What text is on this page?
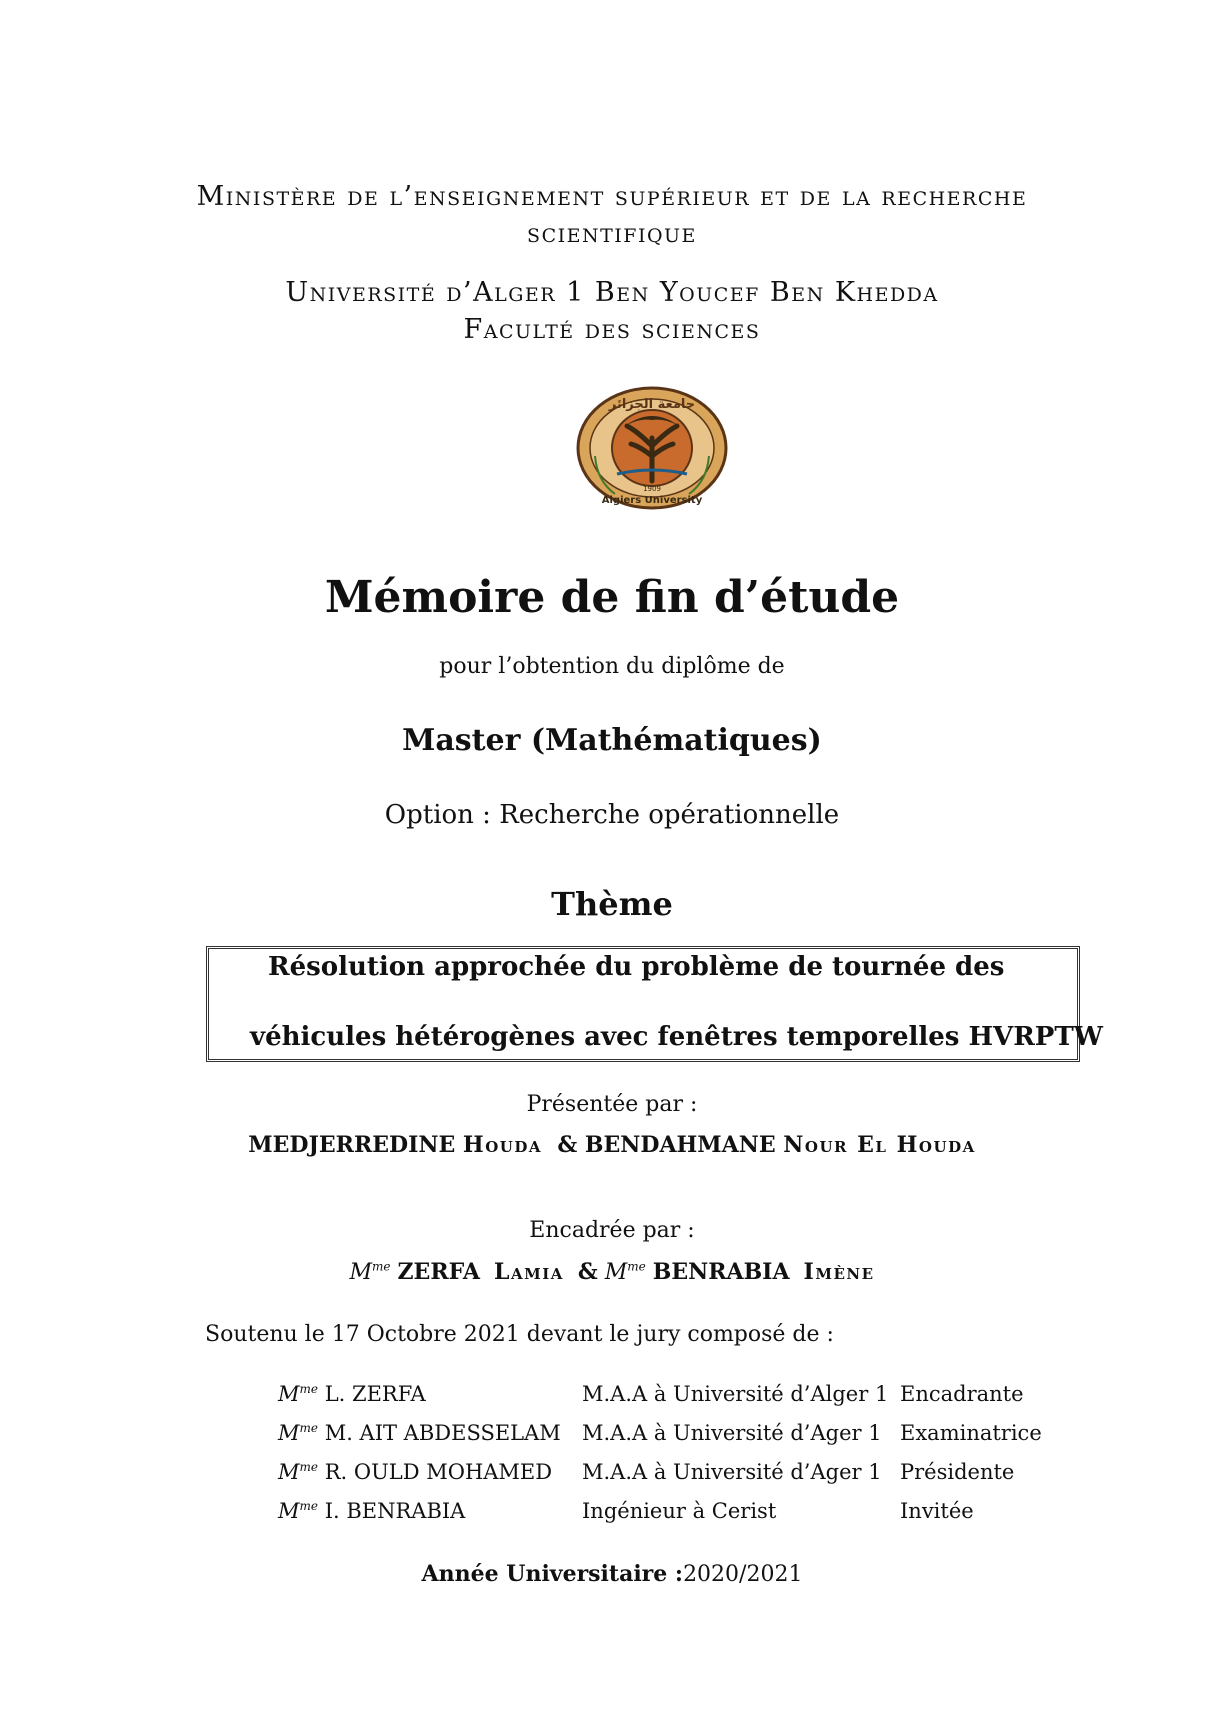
Ministère de l’enseignement supérieur et de la recherche
scientifique
Université d’Alger 1 Ben Youcef Ben Khedda
Faculté des sciences
جامعة الجزائر
1909
Algiers University
Mémoire de fin d’étude
pour l’obtention du diplôme de
Master (Mathématiques)
Option : Recherche opérationnelle
Thème
Résolution approchée du problème de tournée des
véhicules hétérogènes avec fenêtres temporelles HVRPTW
Présentée par :
MEDJERREDINE Houda & BENDAHMANE Nour El Houda
Encadrée par :
$M^{me}$ ZERFA Lamia & $M^{me}$ BENRABIA Imène
Soutenu le 17 Octobre 2021 devant le jury composé de :
$M^{me}$ L. ZERFA	M.A.A à Université d’Alger 1	Encadrante
$M^{me}$ M. AIT ABDESSELAM	M.A.A à Université d’Ager 1	Examinatrice
$M^{me}$ R. OULD MOHAMED	M.A.A à Université d’Ager 1	Présidente
$M^{me}$ I. BENRABIA	Ingénieur à Cerist	Invitée
Année Universitaire :2020/2021
